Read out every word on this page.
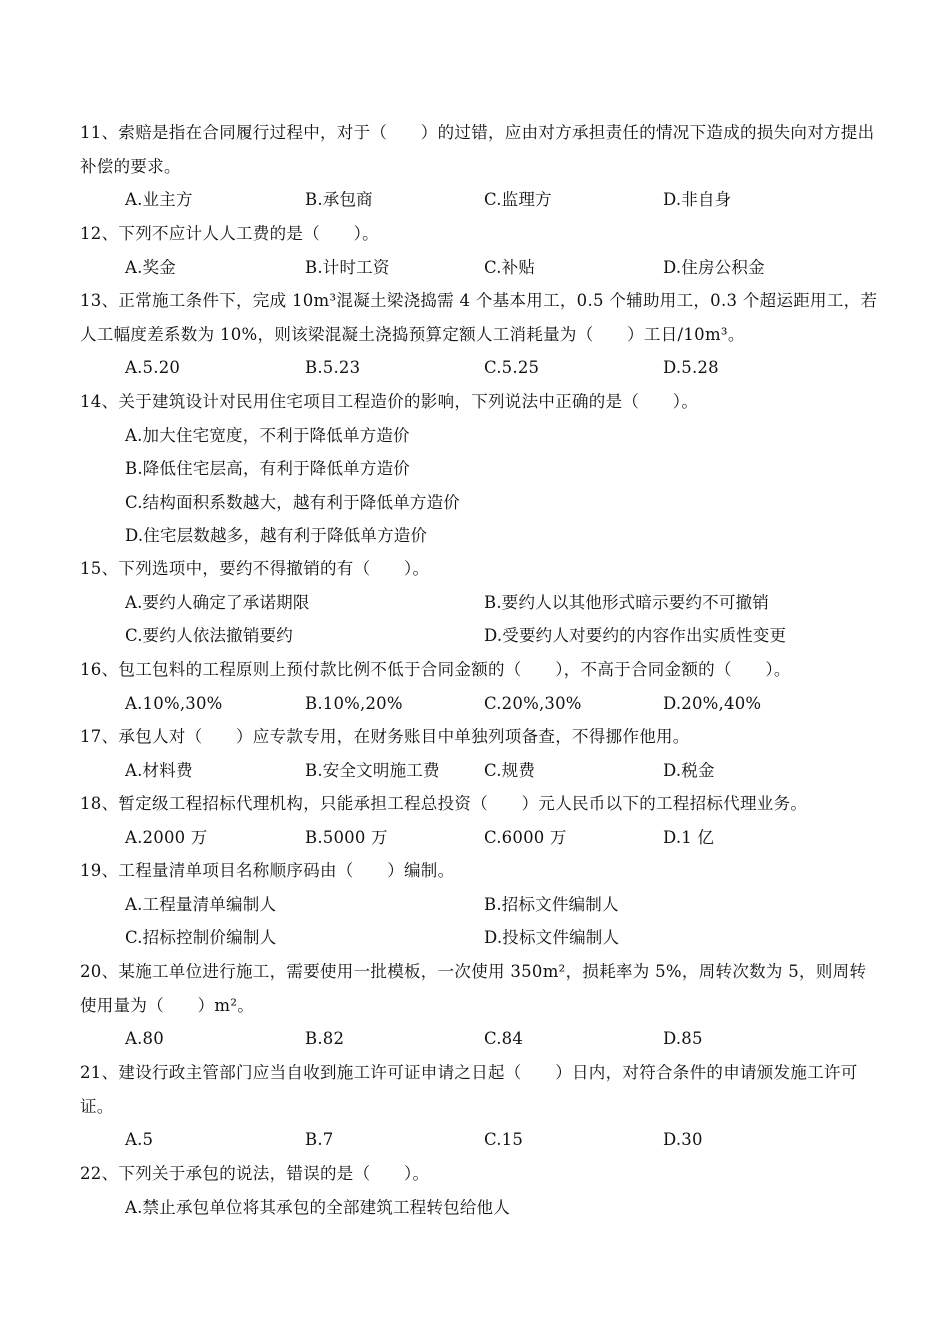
11、索赔是指在合同履行过程中，对于（　　）的过错，应由对方承担责任的情况下造成的损失向对方提出补偿的要求。

A.业主方	B.承包商	C.监理方	D.非自身

12、下列不应计人人工费的是（　　）。

A.奖金	B.计时工资	C.补贴	D.住房公积金

13、正常施工条件下，完成 10m³混凝土梁浇捣需 4 个基本用工，0.5 个辅助用工，0.3 个超运距用工，若人工幅度差系数为 10%，则该梁混凝土浇捣预算定额人工消耗量为（　　）工日/10m³。

A.5.20	B.5.23	C.5.25	D.5.28

14、关于建筑设计对民用住宅项目工程造价的影响，下列说法中正确的是（　　）。

A.加大住宅宽度，不利于降低单方造价
B.降低住宅层高，有利于降低单方造价
C.结构面积系数越大，越有利于降低单方造价
D.住宅层数越多，越有利于降低单方造价

15、下列选项中，要约不得撤销的有（　　）。

A.要约人确定了承诺期限	B.要约人以其他形式暗示要约不可撤销
C.要约人依法撤销要约	D.受要约人对要约的内容作出实质性变更

16、包工包料的工程原则上预付款比例不低于合同金额的（　　），不高于合同金额的（　　）。

A.10%,30%	B.10%,20%	C.20%,30%	D.20%,40%

17、承包人对（　　）应专款专用，在财务账目中单独列项备查，不得挪作他用。

A.材料费	B.安全文明施工费	C.规费	D.税金

18、暂定级工程招标代理机构，只能承担工程总投资（　　）元人民币以下的工程招标代理业务。

A.2000 万	B.5000 万	C.6000 万	D.1 亿

19、工程量清单项目名称顺序码由（　　）编制。

A.工程量清单编制人	B.招标文件编制人
C.招标控制价编制人	D.投标文件编制人

20、某施工单位进行施工，需要使用一批模板，一次使用 350m²，损耗率为 5%，周转次数为 5，则周转使用量为（　　）m²。

A.80	B.82	C.84	D.85

21、建设行政主管部门应当自收到施工许可证申请之日起（　　）日内，对符合条件的申请颁发施工许可证。

A.5	B.7	C.15	D.30

22、下列关于承包的说法，错误的是（　　）。

A.禁止承包单位将其承包的全部建筑工程转包给他人
